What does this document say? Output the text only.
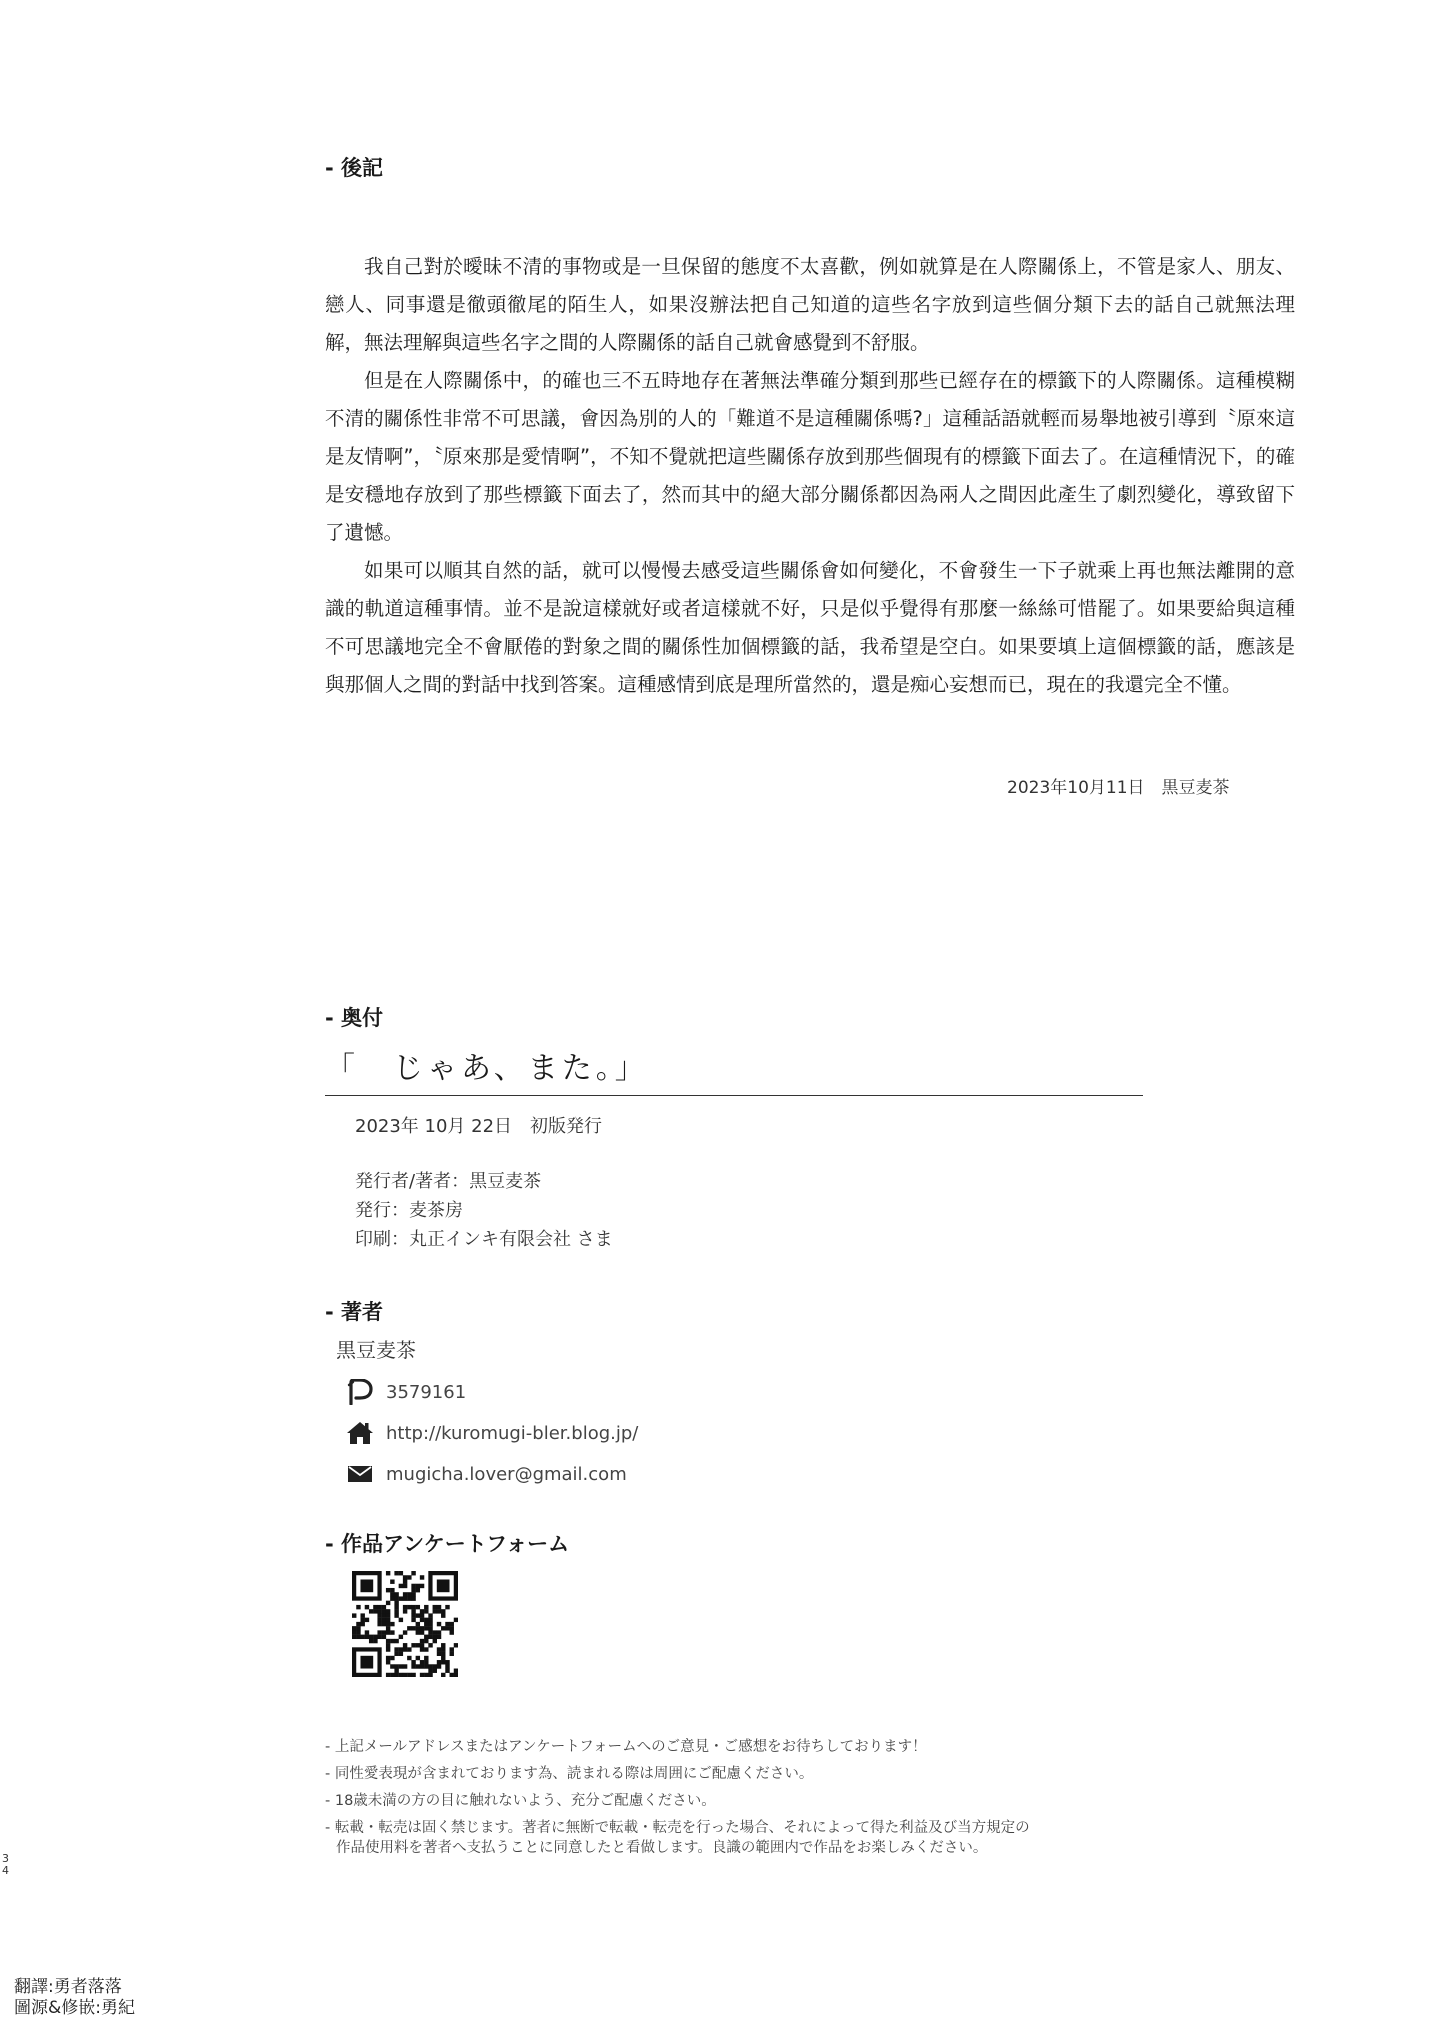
- 後記

我自己對於曖昧不清的事物或是一旦保留的態度不太喜歡，例如就算是在人際關係上，不管是家人、朋友、戀人、同事還是徹頭徹尾的陌生人，如果沒辦法把自己知道的這些名字放到這些個分類下去的話自己就無法理解，無法理解與這些名字之間的人際關係的話自己就會感覺到不舒服。

但是在人際關係中，的確也三不五時地存在著無法準確分類到那些已經存在的標籤下的人際關係。這種模糊不清的關係性非常不可思議，會因為別的人的「難道不是這種關係嗎?」這種話語就輕而易舉地被引導到〝原來這是友情啊”，〝原來那是愛情啊”，不知不覺就把這些關係存放到那些個現有的標籤下面去了。在這種情況下，的確是安穩地存放到了那些標籤下面去了，然而其中的絕大部分關係都因為兩人之間因此產生了劇烈變化，導致留下了遺憾。

如果可以順其自然的話，就可以慢慢去感受這些關係會如何變化，不會發生一下子就乘上再也無法離開的意識的軌道這種事情。並不是說這樣就好或者這樣就不好，只是似乎覺得有那麼一絲絲可惜罷了。如果要給與這種不可思議地完全不會厭倦的對象之間的關係性加個標籤的話，我希望是空白。如果要填上這個標籤的話，應該是與那個人之間的對話中找到答案。這種感情到底是理所當然的，還是痴心妄想而已，現在的我還完全不懂。

2023年10月11日　黒豆麦茶
- 奥付
「　じゃあ、また。」
2023年 10月 22日　初版発行
発行者/著者：黒豆麦茶
発行：麦茶房
印刷：丸正インキ有限会社 さま
- 著者
黒豆麦茶
3579161
http://kuromugi-bler.blog.jp/
mugicha.lover@gmail.com
- 作品アンケートフォーム
- 上記メールアドレスまたはアンケートフォームへのご意見・ご感想をお待ちしております！
- 同性愛表現が含まれております為、読まれる際は周囲にご配慮ください。
- 18歳未満の方の目に触れないよう、充分ご配慮ください。
- 転載・転売は固く禁じます。著者に無断で転載・転売を行った場合、それによって得た利益及び当方規定の
作品使用料を著者へ支払うことに同意したと看做します。良識の範囲内で作品をお楽しみください。
3
4
翻譯:勇者落落
圖源&修嵌:勇紀
